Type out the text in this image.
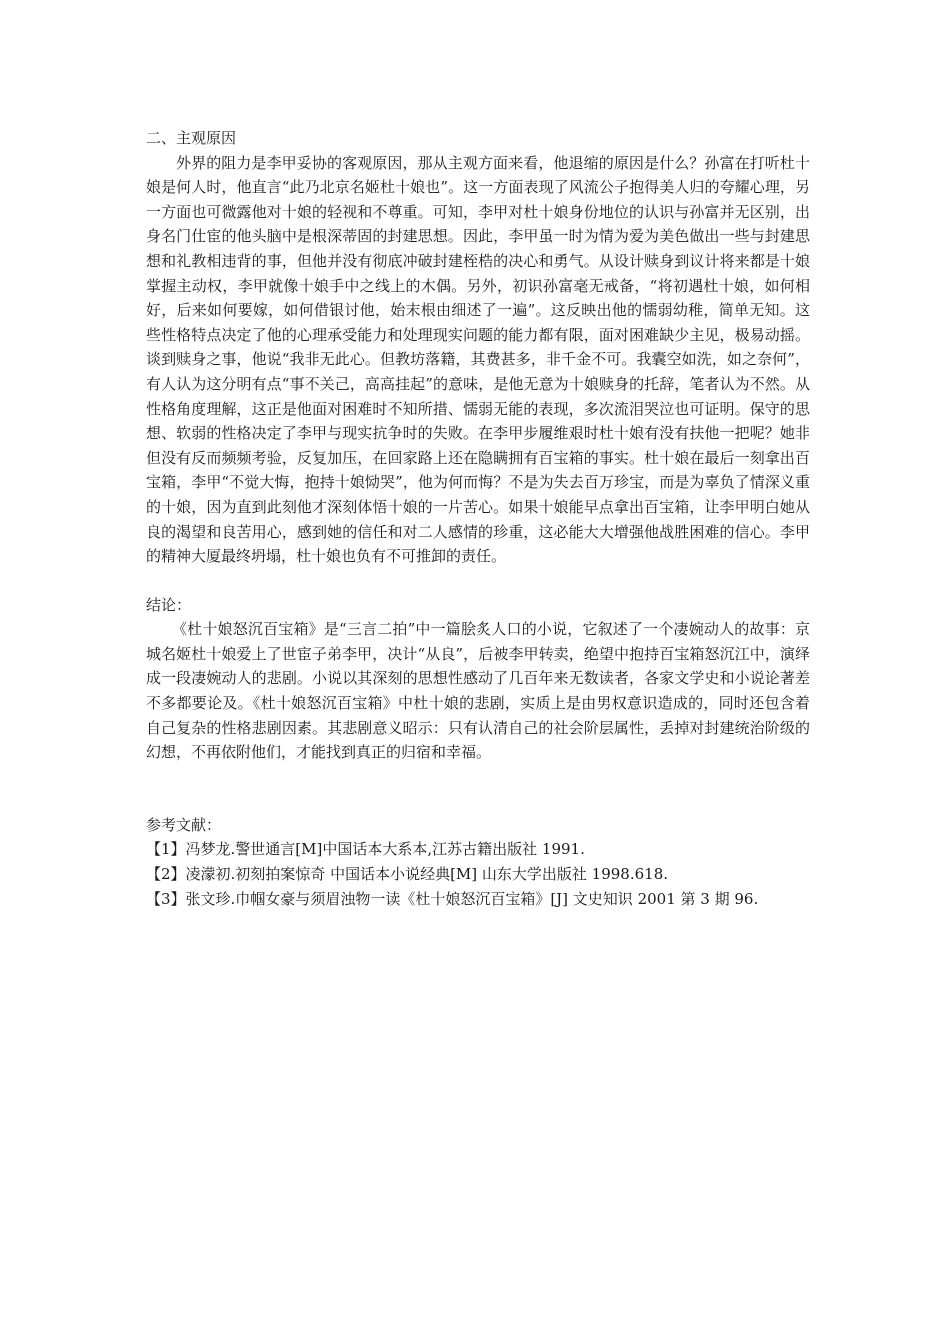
二、主观原因

外界的阻力是李甲妥协的客观原因，那从主观方面来看，他退缩的原因是什么？孙富在打听杜十娘是何人时，他直言“此乃北京名姬杜十娘也”。这一方面表现了风流公子抱得美人归的夸耀心理，另一方面也可微露他对十娘的轻视和不尊重。可知，李甲对杜十娘身份地位的认识与孙富并无区别，出身名门仕宦的他头脑中是根深蒂固的封建思想。因此，李甲虽一时为情为爱为美色做出一些与封建思想和礼教相违背的事，但他并没有彻底冲破封建桎梏的决心和勇气。从设计赎身到议计将来都是十娘掌握主动权，李甲就像十娘手中之线上的木偶。另外，初识孙富毫无戒备，“将初遇杜十娘，如何相好，后来如何要嫁，如何借银讨他，始末根由细述了一遍”。这反映出他的懦弱幼稚，简单无知。这些性格特点决定了他的心理承受能力和处理现实问题的能力都有限，面对困难缺少主见，极易动摇。谈到赎身之事，他说“我非无此心。但教坊落籍，其费甚多，非千金不可。我囊空如洗，如之奈何”，有人认为这分明有点“事不关己，高高挂起”的意味，是他无意为十娘赎身的托辞，笔者认为不然。从性格角度理解，这正是他面对困难时不知所措、懦弱无能的表现，多次流泪哭泣也可证明。保守的思想、软弱的性格决定了李甲与现实抗争时的失败。在李甲步履维艰时杜十娘有没有扶他一把呢？她非但没有反而频频考验，反复加压，在回家路上还在隐瞒拥有百宝箱的事实。杜十娘在最后一刻拿出百宝箱，李甲“不觉大悔，抱持十娘恸哭”，他为何而悔？不是为失去百万珍宝，而是为辜负了情深义重的十娘，因为直到此刻他才深刻体悟十娘的一片苦心。如果十娘能早点拿出百宝箱，让李甲明白她从良的渴望和良苦用心，感到她的信任和对二人感情的珍重，这必能大大增强他战胜困难的信心。李甲的精神大厦最终坍塌，杜十娘也负有不可推卸的责任。

结论：

《杜十娘怒沉百宝箱》是“三言二拍”中一篇脍炙人口的小说，它叙述了一个凄婉动人的故事：京城名姬杜十娘爱上了世宦子弟李甲，决计“从良”，后被李甲转卖，绝望中抱持百宝箱怒沉江中，演绎成一段凄婉动人的悲剧。小说以其深刻的思想性感动了几百年来无数读者，各家文学史和小说论著差不多都要论及。《杜十娘怒沉百宝箱》中杜十娘的悲剧，实质上是由男权意识造成的，同时还包含着自己复杂的性格悲剧因素。其悲剧意义昭示：只有认清自己的社会阶层属性，丢掉对封建统治阶级的幻想，不再依附他们，才能找到真正的归宿和幸福。

参考文献：

【1】冯梦龙.警世通言[M]中国话本大系本,江苏古籍出版社 1991.
【2】凌濛初.初刻拍案惊奇 中国话本小说经典[M] 山东大学出版社 1998.618.
【3】张文珍.巾帼女豪与须眉浊物一读《杜十娘怒沉百宝箱》[J] 文史知识 2001 第 3 期 96.
